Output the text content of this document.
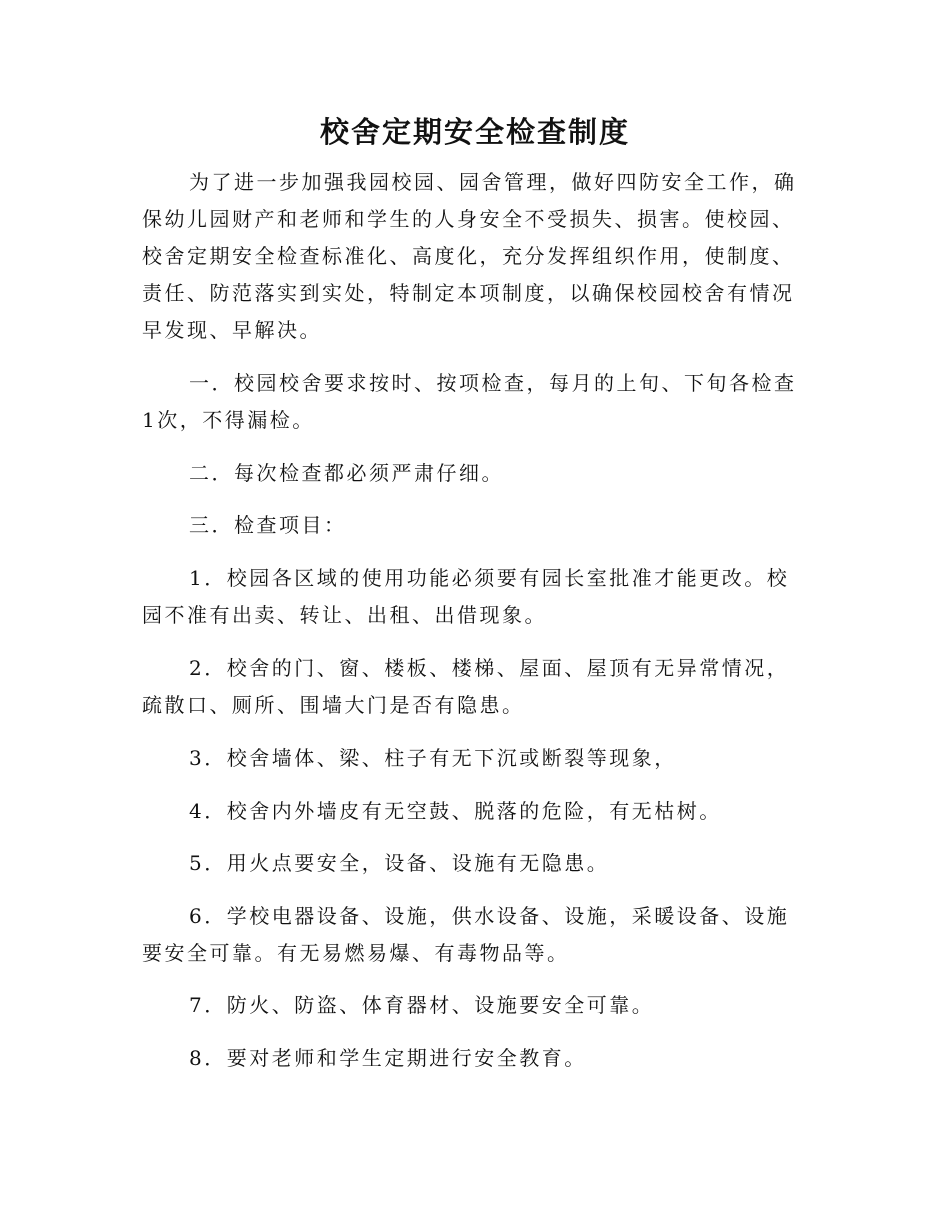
校舍定期安全检查制度

为了进一步加强我园校园、园舍管理，做好四防安全工作，确保幼儿园财产和老师和学生的人身安全不受损失、损害。使校园、校舍定期安全检查标准化、高度化，充分发挥组织作用，使制度、责任、防范落实到实处，特制定本项制度，以确保校园校舍有情况早发现、早解决。

一．校园校舍要求按时、按项检查，每月的上旬、下旬各检查1次，不得漏检。

二．每次检查都必须严肃仔细。

三．检查项目：

1．校园各区域的使用功能必须要有园长室批准才能更改。校园不准有出卖、转让、出租、出借现象。

2．校舍的门、窗、楼板、楼梯、屋面、屋顶有无异常情况，疏散口、厕所、围墙大门是否有隐患。

3．校舍墙体、梁、柱子有无下沉或断裂等现象，

4．校舍内外墙皮有无空鼓、脱落的危险，有无枯树。

5．用火点要安全，设备、设施有无隐患。

6．学校电器设备、设施，供水设备、设施，采暖设备、设施要安全可靠。有无易燃易爆、有毒物品等。

7．防火、防盗、体育器材、设施要安全可靠。

8．要对老师和学生定期进行安全教育。
